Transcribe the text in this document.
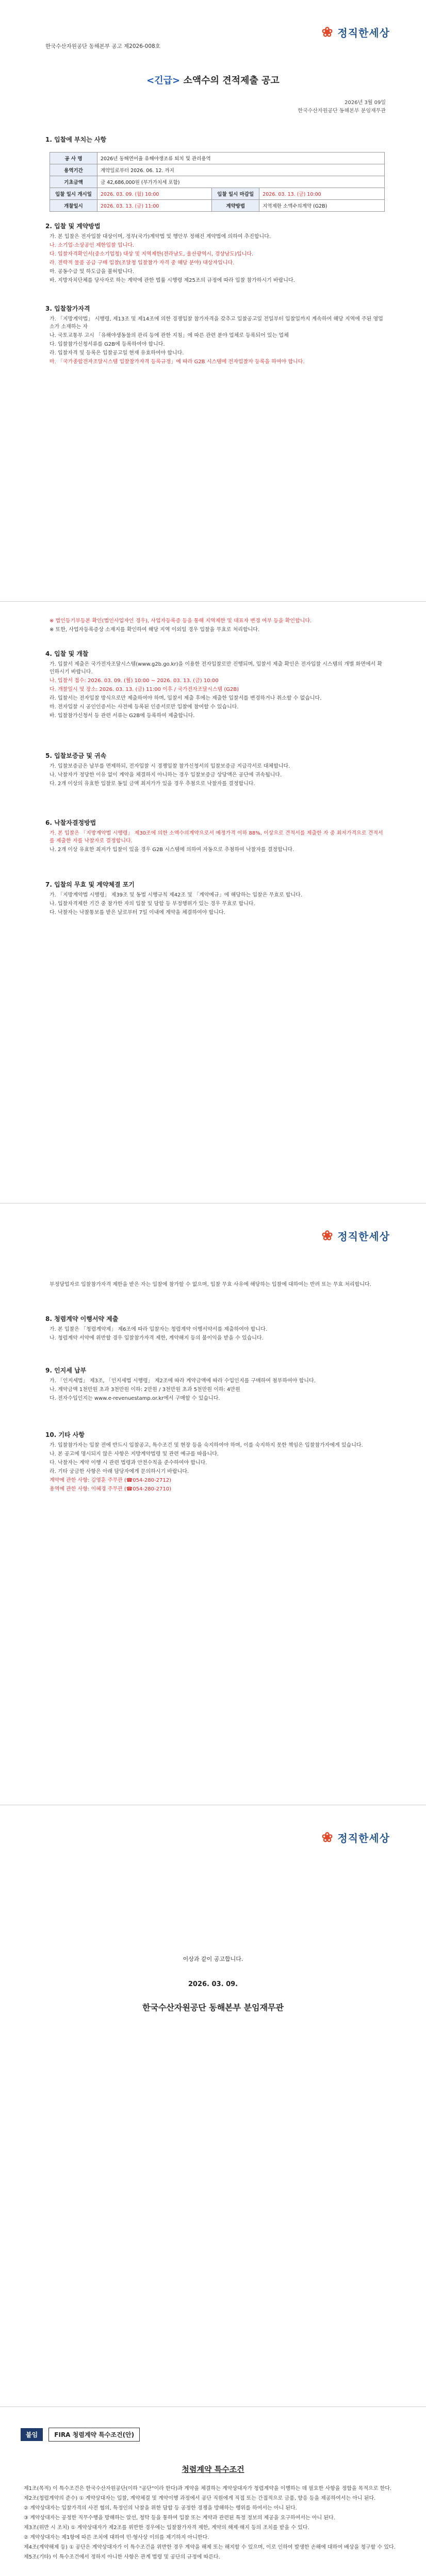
❀ 정직한세상
한국수산자원공단 동해본부 공고 제2026-008호
<긴급> 소액수의 견적제출 공고
2026년 3월 09일
한국수산자원공단 동해본부 분임재무관
1. 입찰에 부치는 사항
공 사 명	2026년 동해연어율 유해야생조류 퇴치 및 관리용역		
용역기간	계약일로부터 2026. 06. 12. 까지		
기초금액	금 42,686,000원 (부가가치세 포함)		
입찰 일시 개시일	2026. 03. 09. (월) 10:00	입찰 일시 마감일	2026. 03. 13. (금) 10:00
개찰일시	2026. 03. 13. (금) 11:00	계약방법	지역제한 소액수의계약 (G2B)
2. 입찰 및 계약방법

가. 본 입찰은 전자입찰 대상이며, 정부(국가)계약법 및 행안부 정해진 계약법에 의하여 추진합니다.

나. 소기업·소상공인 제한입찰 입니다.

다. 입찰자격확인서(중소기업청) 대상 및 지역제한(전라남도, 울산광역시, 경상남도)입니다.

라. 전략적 물품 공급 구매 입찰(조달청 입찰참가 자격 중 해당 분야) 대상자입니다.

마. 공동수급 및 하도급을 불허합니다.

바. 지방자치단체를 당사자로 하는 계약에 관한 법률 시행령 제25조의 규정에 따라 입찰 참가하시기 바랍니다.

3. 입찰참가자격

가. 「지방계약법」 시행령, 제13조 및 제14조에 의한 경쟁입찰 참가자격을 갖추고 입찰공고일 전일부터 입찰일까지 계속하여 해당 지역에 주된 영업소가 소재하는 자

나. 국토교통부 고시 「유해야생동물의 관리 등에 관한 지침」에 따른 관련 분야 업체로 등록되어 있는 업체

다. 입찰참가신청서류를 G2B에 등록하여야 합니다.

라. 입찰자격 및 등록은 입찰공고일 현재 유효하여야 합니다.

마. 「국가종합전자조달시스템 입찰참가자격 등록규정」에 따라 G2B 시스템에 전자입찰자 등록을 하여야 합니다.

※ 법인등기부등본 확인(법인사업자인 경우), 사업자등록증 등을 통해 지역제한 및 대표자 변경 여부 등을 확인합니다.

※ 또한, 사업자등록증상 소재지를 확인하여 해당 지역 이외일 경우 입찰을 무효로 처리합니다.

4. 입찰 및 개찰

가. 입찰서 제출은 국가전자조달시스템(www.g2b.go.kr)을 이용한 전자입찰로만 진행되며, 입찰서 제출 확인은 전자입찰 시스템의 개별 화면에서 확인하시기 바랍니다.

나. 입찰서 접수: 2026. 03. 09. (월) 10:00 ~ 2026. 03. 13. (금) 10:00

다. 개찰일시 및 장소: 2026. 03. 13. (금) 11:00 이후 / 국가전자조달시스템 (G2B)

라. 입찰서는 전자입찰 방식으로만 제출하여야 하며, 입찰서 제출 후에는 제출한 입찰서를 변경하거나 취소할 수 없습니다.

마. 전자입찰 시 공인인증서는 사전에 등록된 인증서로만 입찰에 참여할 수 있습니다.

바. 입찰참가신청서 등 관련 서류는 G2B에 등록하여 제출합니다.

5. 입찰보증금 및 귀속

가. 입찰보증금은 납부를 면제하되, 전자입찰 시 경쟁입찰 참가신청서의 입찰보증금 지급각서로 대체합니다.

나. 낙찰자가 정당한 이유 없이 계약을 체결하지 아니하는 경우 입찰보증금 상당액은 공단에 귀속됩니다.

다. 2개 이상의 유효한 입찰로 동일 금액 최저가가 있을 경우 추첨으로 낙찰자를 결정합니다.

6. 낙찰자결정방법

가. 본 입찰은 「지방계약법 시행령」 제30조에 의한 소액수의계약으로서 예정가격 이하 88%, 이상으로 견적서를 제출한 자 중 최저가격으로 견적서를 제출한 자를 낙찰자로 결정합니다.

나. 2개 이상 유효한 최저가 입찰이 있을 경우 G2B 시스템에 의하여 자동으로 추첨하여 낙찰자를 결정합니다.

7. 입찰의 무효 및 계약체결 포기

가. 「지방계약법 시행령」 제39조 및 동법 시행규칙 제42조 및 「계약예규」에 해당하는 입찰은 무효로 합니다.

나. 입찰자격제한 기간 중 참가한 자의 입찰 및 담합 등 부정행위가 있는 경우 무효로 합니다.

다. 낙찰자는 낙찰통보를 받은 날로부터 7일 이내에 계약을 체결하여야 합니다.

❀ 정직한세상
부정당업자로 입찰참가자격 제한을 받은 자는 입찰에 참가할 수 없으며, 입찰 무효 사유에 해당하는 입찰에 대하여는 반려 또는 무효 처리합니다.
8. 청렴계약 이행서약 제출

가. 본 입찰은 「청렴계약제」 제6조에 따라 입찰자는 청렴계약 이행서약서를 제출하여야 합니다.

나. 청렴계약 서약에 위반할 경우 입찰참가자격 제한, 계약해지 등의 불이익을 받을 수 있습니다.

9. 인지세 납부

가. 「인지세법」 제3조, 「인지세법 시행령」 제2조에 따라 계약금액에 따라 수입인지를 구매하여 첨부하여야 합니다.

나. 계약금액 1천만원 초과 3천만원 이하: 2만원 / 3천만원 초과 5천만원 이하: 4만원

다. 전자수입인지는 www.e-revenuestamp.or.kr에서 구매할 수 있습니다.

10. 기타 사항

가. 입찰참가자는 입찰 전에 반드시 입찰공고, 특수조건 및 현장 등을 숙지하여야 하며, 이를 숙지하지 못한 책임은 입찰참가자에게 있습니다.

나. 본 공고에 명시되지 않은 사항은 지방계약법령 및 관련 예규를 따릅니다.

다. 낙찰자는 계약 이행 시 관련 법령과 안전수칙을 준수하여야 합니다.

라. 기타 궁금한 사항은 아래 담당자에게 문의하시기 바랍니다.

계약에 관한 사항: 김영훈 주무관 (☎054-280-2712)

용역에 관한 사항: 이혜경 주무관 (☎054-280-2710)

❀ 정직한세상
이상과 같이 공고합니다.
2026. 03. 09.
한국수산자원공단 동해본부 분임재무관
붙임	FIRA 청렴계약 특수조건(안)
청렴계약 특수조건

제1조(목적) 이 특수조건은 한국수산자원공단(이하 "공단"이라 한다)과 계약을 체결하는 계약상대자가 청렴계약을 이행하는 데 필요한 사항을 정함을 목적으로 한다.

제2조(청렴계약의 준수) ① 계약상대자는 입찰, 계약체결 및 계약이행 과정에서 공단 직원에게 직접 또는 간접적으로 금품, 향응 등을 제공하여서는 아니 된다.

② 계약상대자는 입찰가격의 사전 협의, 특정인의 낙찰을 위한 담합 등 공정한 경쟁을 방해하는 행위를 하여서는 아니 된다.

③ 계약상대자는 공정한 직무수행을 방해하는 알선, 청탁 등을 통하여 입찰 또는 계약과 관련된 특정 정보의 제공을 요구하여서는 아니 된다.

제3조(위반 시 조치) ① 계약상대자가 제2조를 위반한 경우에는 입찰참가자격 제한, 계약의 해제·해지 등의 조치를 받을 수 있다.

② 계약상대자는 제1항에 따른 조치에 대하여 민·형사상 이의를 제기하지 아니한다.

제4조(계약해제 등) ① 공단은 계약상대자가 이 특수조건을 위반한 경우 계약을 해제 또는 해지할 수 있으며, 이로 인하여 발생한 손해에 대하여 배상을 청구할 수 있다.

제5조(기타) 이 특수조건에서 정하지 아니한 사항은 관계 법령 및 공단의 규정에 따른다.
